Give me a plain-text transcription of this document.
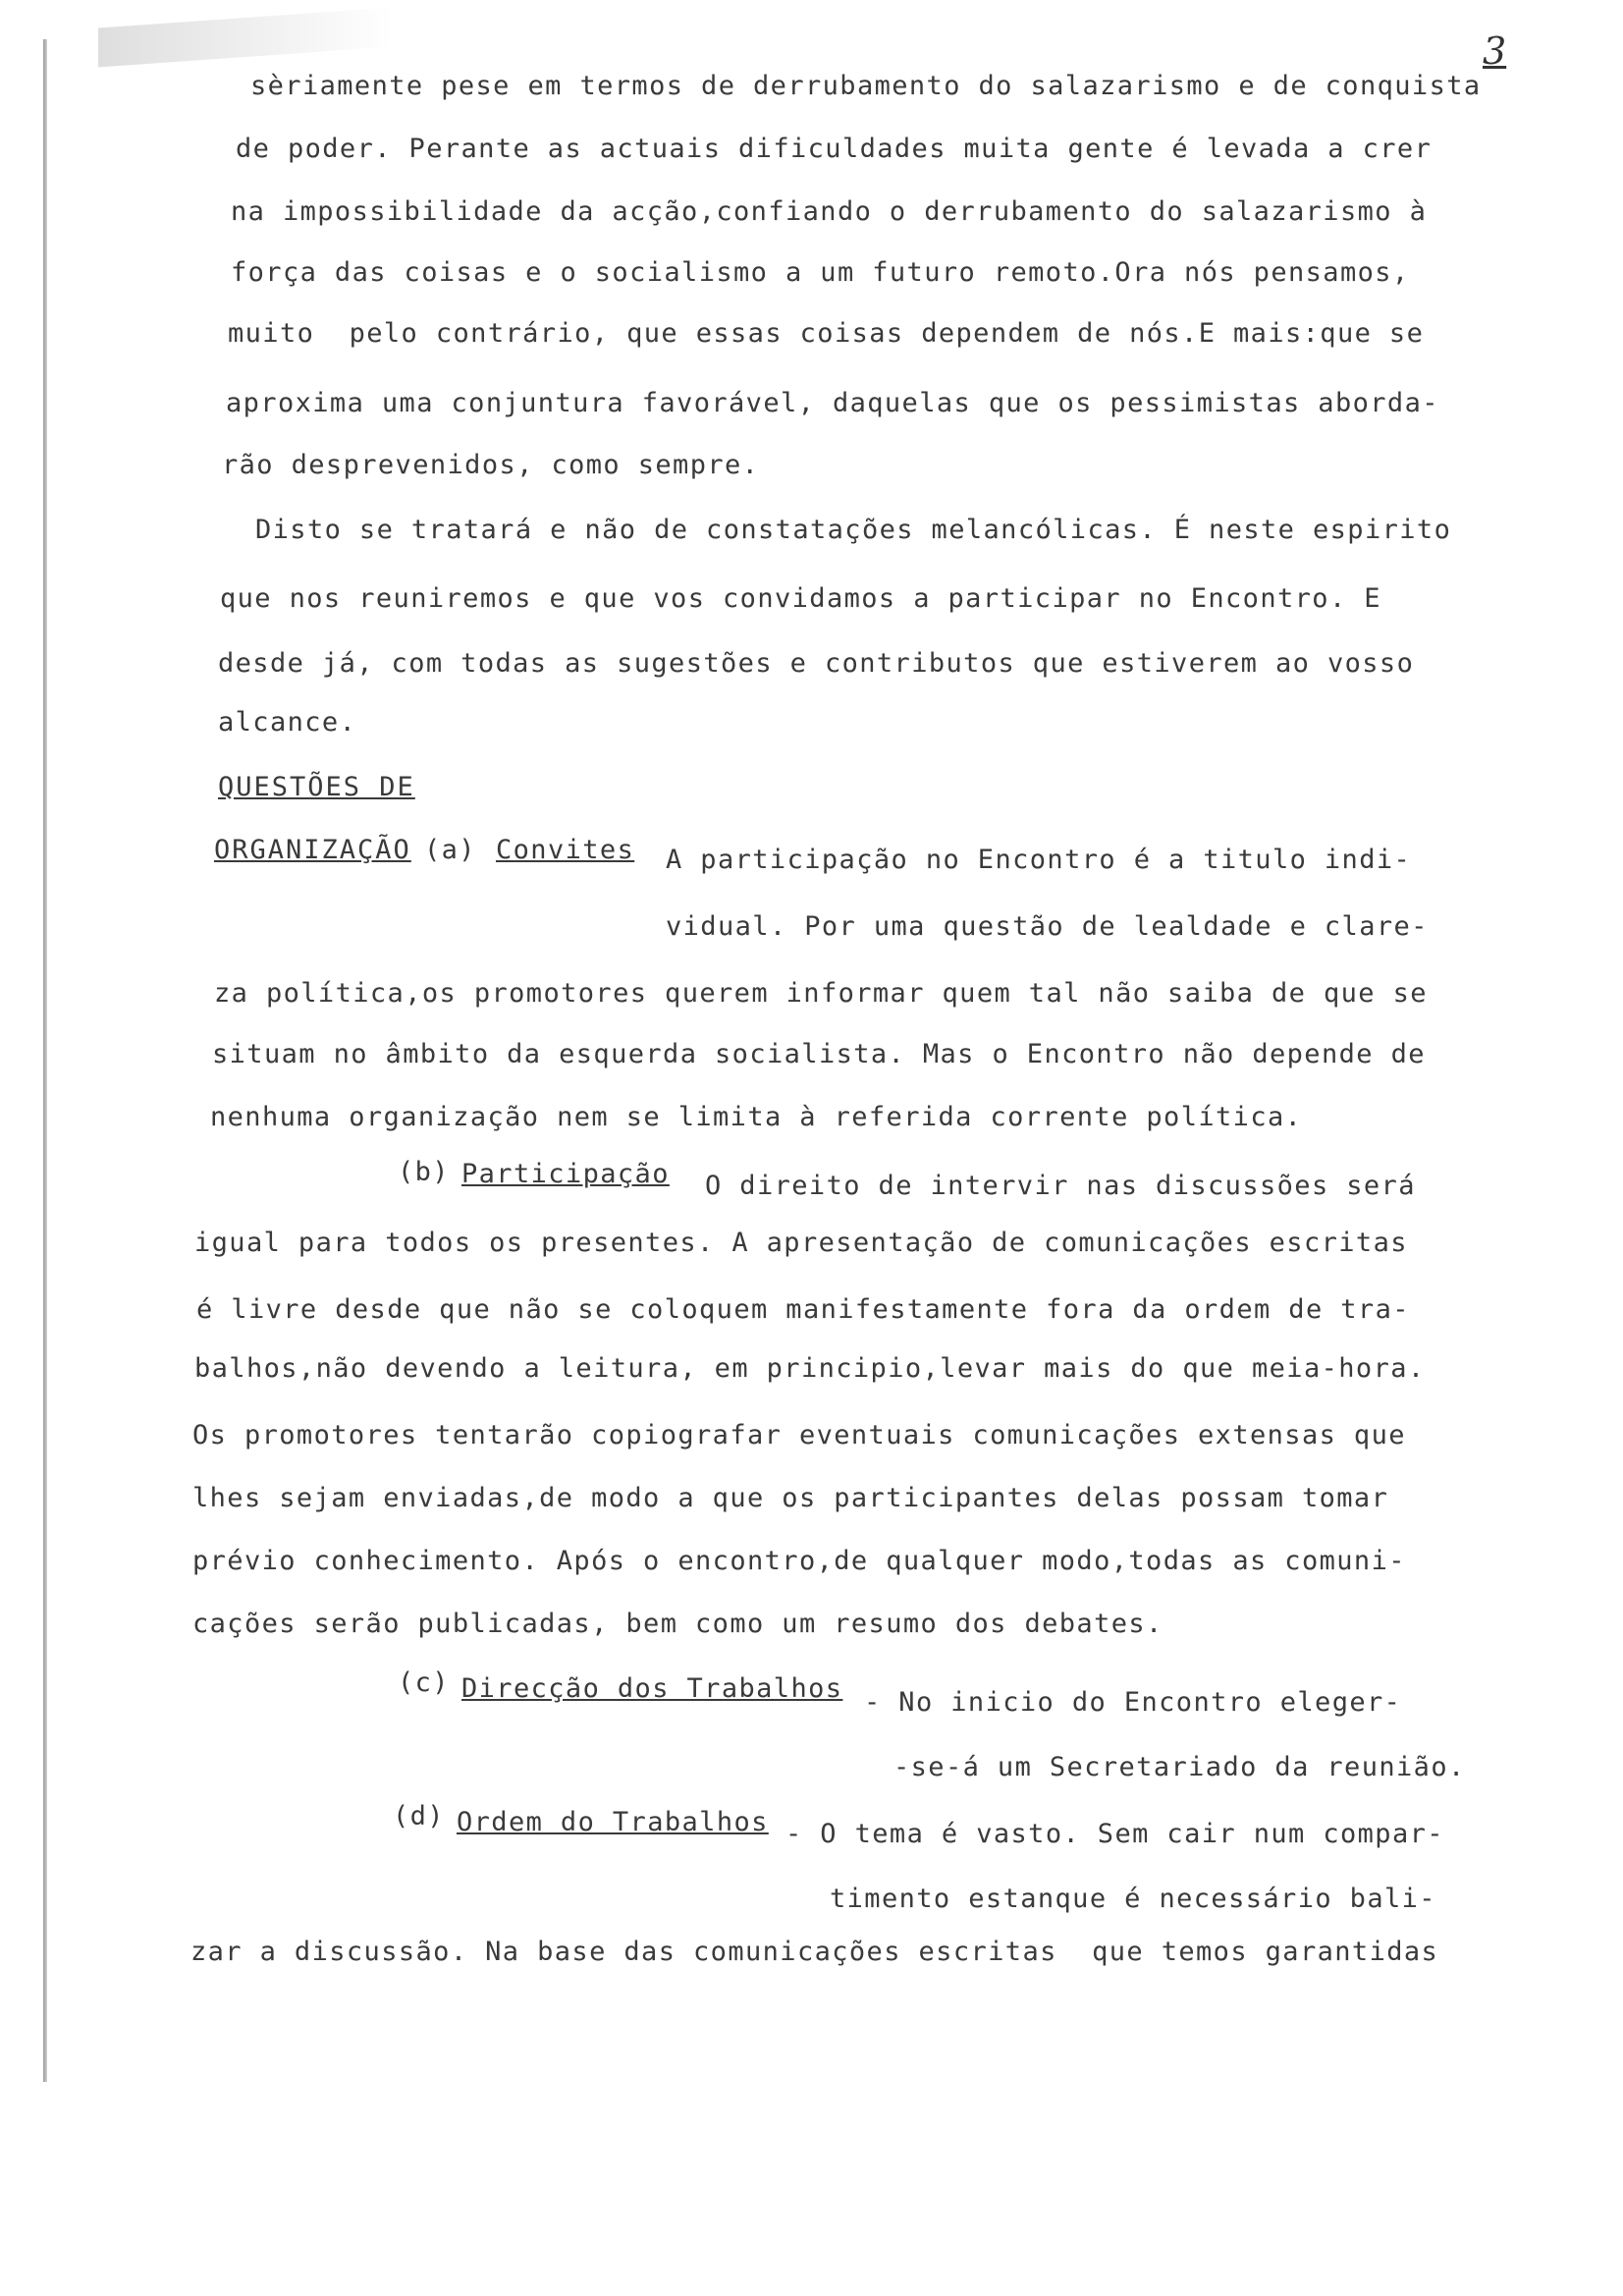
3
sèriamente pese em termos de derrubamento do salazarismo e de conquista
de poder. Perante as actuais dificuldades muita gente é levada a crer
na impossibilidade da acção,confiando o derrubamento do salazarismo à
força das coisas e o socialismo a um futuro remoto.Ora nós pensamos,
muito  pelo contrário, que essas coisas dependem de nós.E mais:que se
aproxima uma conjuntura favorável, daquelas que os pessimistas aborda-
rão desprevenidos, como sempre.
Disto se tratará e não de constatações melancólicas. É neste espirito
que nos reuniremos e que vos convidamos a participar no Encontro. E
desde já, com todas as sugestões e contributos que estiverem ao vosso
alcance.
QUESTÕES DE
ORGANIZAÇÃO (a) Convites A participação no Encontro é a titulo indi-
vidual. Por uma questão de lealdade e clare-
za política,os promotores querem informar quem tal não saiba de que se
situam no âmbito da esquerda socialista. Mas o Encontro não depende de
nenhuma organização nem se limita à referida corrente política.
(b) Participação O direito de intervir nas discussões será
igual para todos os presentes. A apresentação de comunicações escritas
é livre desde que não se coloquem manifestamente fora da ordem de tra-
balhos,não devendo a leitura, em principio,levar mais do que meia-hora.
Os promotores tentarão copiografar eventuais comunicações extensas que
lhes sejam enviadas,de modo a que os participantes delas possam tomar
prévio conhecimento. Após o encontro,de qualquer modo,todas as comuni-
cações serão publicadas, bem como um resumo dos debates.
(c) Direcção dos Trabalhos - No inicio do Encontro eleger-
-se-á um Secretariado da reunião.
(d) Ordem do Trabalhos - O tema é vasto. Sem cair num compar-
timento estanque é necessário bali-
zar a discussão. Na base das comunicações escritas  que temos garantidas
